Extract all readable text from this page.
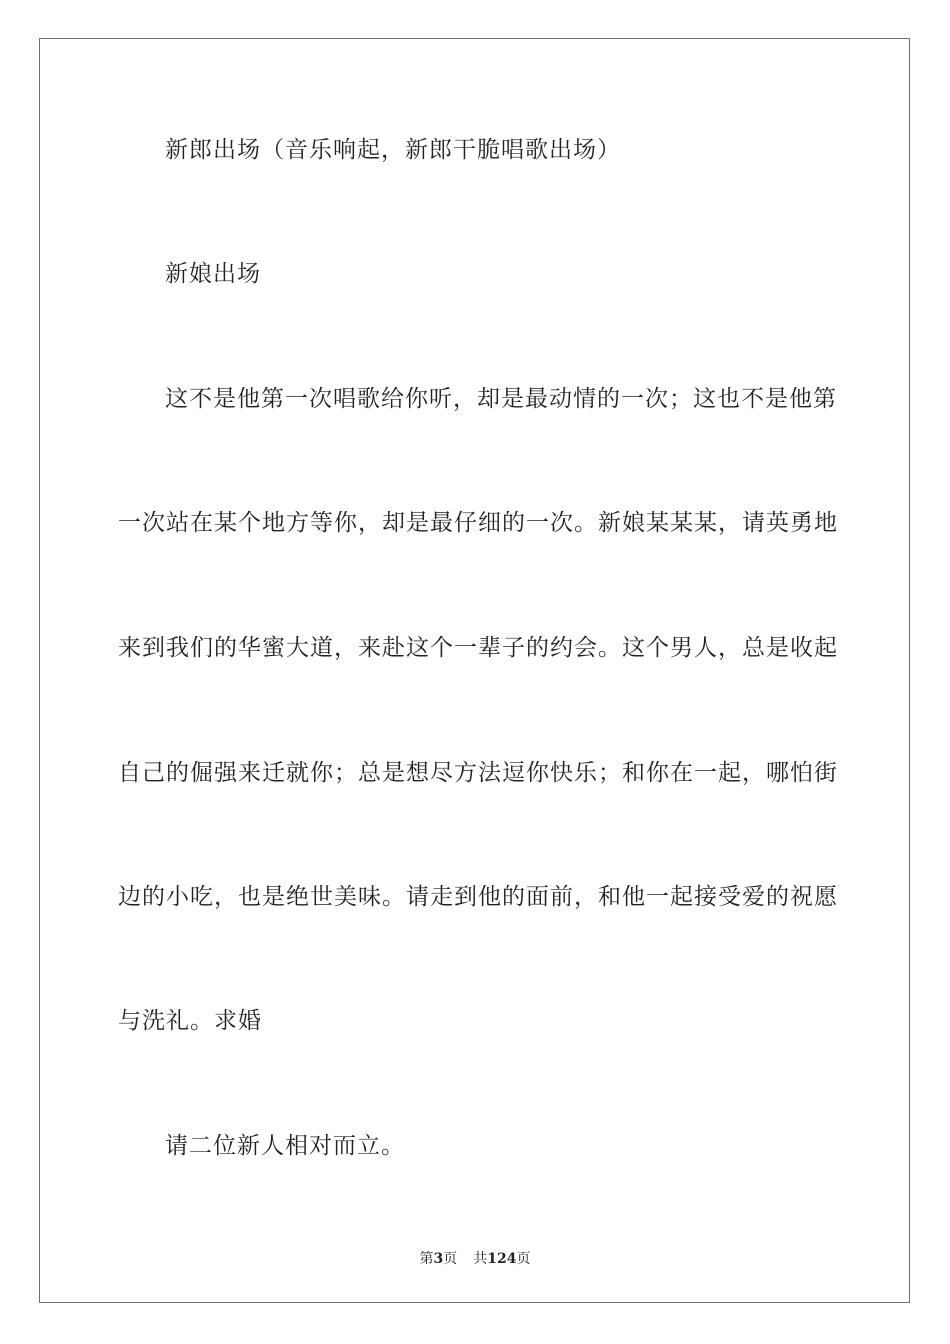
新郎出场（音乐响起，新郎干脆唱歌出场）
新娘出场
这不是他第一次唱歌给你听，却是最动情的一次；这也不是他第
一次站在某个地方等你，却是最仔细的一次。新娘某某某，请英勇地
来到我们的华蜜大道，来赴这个一辈子的约会。这个男人，总是收起
自己的倔强来迁就你；总是想尽方法逗你快乐；和你在一起，哪怕街
边的小吃，也是绝世美味。请走到他的面前，和他一起接受爱的祝愿
与洗礼。求婚
请二位新人相对而立。
第3页 共124页
